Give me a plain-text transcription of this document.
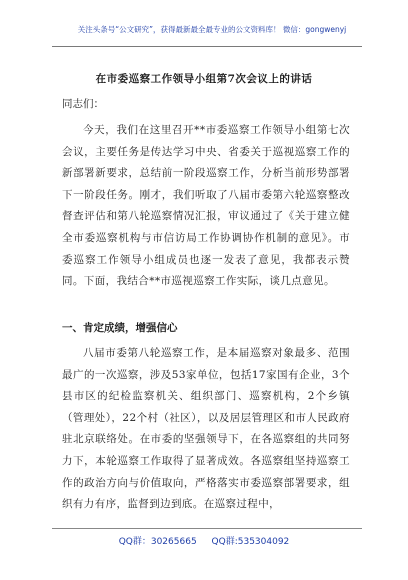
关注头条号“公文研究”，获得最新最全最专业的公文资料库！ 微信：gongwenyj
在市委巡察工作领导小组第7次会议上的讲话
同志们：
今天，我们在这里召开**市委巡察工作领导小组第七次会议，主要任务是传达学习中央、省委关于巡视巡察工作的新部署新要求，总结前一阶段巡察工作，分析当前形势部署下一阶段任务。刚才，我们听取了八届市委第六轮巡察整改督查评估和第八轮巡察情况汇报，审议通过了《关于建立健全市委巡察机构与市信访局工作协调协作机制的意见》。市委巡察工作领导小组成员也逐一发表了意见，我都表示赞同。下面，我结合**市巡视巡察工作实际，谈几点意见。
一、肯定成绩，增强信心
八届市委第八轮巡察工作，是本届巡察对象最多、范围最广的一次巡察，涉及53家单位，包括17家国有企业，3个县市区的纪检监察机关、组织部门、巡察机构，2个乡镇（管理处），22个村（社区），以及居层管理区和市人民政府驻北京联络处。在市委的坚强领导下，在各巡察组的共同努力下，本轮巡察工作取得了显著成效。各巡察组坚持巡察工作的政治方向与价值取向，严格落实市委巡察部署要求，组织有力有序，监督到边到底。在巡察过程中，
QQ群：30265665 QQ群:535304092
